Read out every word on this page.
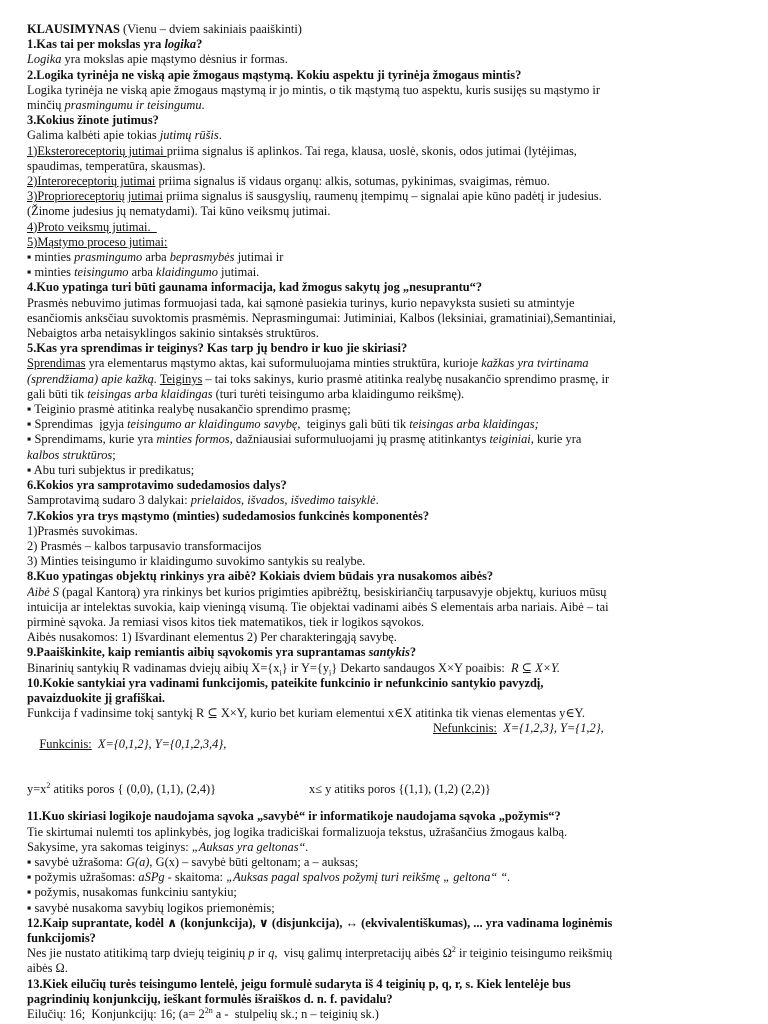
KLAUSIMYNAS (Vienu – dviem sakiniais paaiškinti)
1.Kas tai per mokslas yra logika?
Logika yra mokslas apie mąstymo dėsnius ir formas.
2.Logika tyrinėja ne viską apie žmogaus mąstymą. Kokiu aspektu ji tyrinėja žmogaus mintis?
Logika tyrinėja ne viską apie žmogaus mąstymą ir jo mintis, o tik mąstymą tuo aspektu, kuris susijęs su mąstymo ir
minčių prasmingumu ir teisingumu.
3.Kokius žinote jutimus?
Galima kalbėti apie tokias jutimų rūšis.
1)Eksteroreceptorių jutimai priima signalus iš aplinkos. Tai rega, klausa, uoslė, skonis, odos jutimai (lytėjimas,
spaudimas, temperatūra, skausmas).
2)Interoreceptorių jutimai priima signalus iš vidaus organų: alkis, sotumas, pykinimas, svaigimas, rėmuo.
3)Proprioreceptorių jutimai priima signalus iš sausgyslių, raumenų įtempimų – signalai apie kūno padėtį ir judesius.
(Žinome judesius jų nematydami). Tai kūno veiksmų jutimai.
4)Proto veiksmų jutimai.
5)Mąstymo proceso jutimai:
▪ minties prasmingumo arba beprasmybės jutimai ir
▪ minties teisingumo arba klaidingumo jutimai.
4.Kuo ypatinga turi būti gaunama informacija, kad žmogus sakytų jog „nesuprantu“?
Prasmės nebuvimo jutimas formuojasi tada, kai sąmonė pasiekia turinys, kurio nepavyksta susieti su atmintyje
esančiomis anksčiau suvoktomis prasmėmis. Neprasmingumai: Jutiminiai, Kalbos (leksiniai, gramatiniai),Semantiniai,
Nebaigtos arba netaisyklingos sakinio sintaksės struktūros.
5.Kas yra sprendimas ir teiginys? Kas tarp jų bendro ir kuo jie skiriasi?
Sprendimas yra elementarus mąstymo aktas, kai suformuluojama minties struktūra, kurioje kažkas yra tvirtinama
(sprendžiama) apie kažką. Teiginys – tai toks sakinys, kurio prasmė atitinka realybę nusakančio sprendimo prasmę, ir
gali būti tik teisingas arba klaidingas (turi turėti teisingumo arba klaidingumo reikšmę).
▪ Teiginio prasmė atitinka realybę nusakančio sprendimo prasmę;
▪ Sprendimas  įgyja teisingumo ar klaidingumo savybę,  teiginys gali būti tik teisingas arba klaidingas;
▪ Sprendimams, kurie yra minties formos, dažniausiai suformuluojami jų prasmę atitinkantys teiginiai, kurie yra
kalbos struktūros;
▪ Abu turi subjektus ir predikatus;
6.Kokios yra samprotavimo sudedamosios dalys?
Samprotavimą sudaro 3 dalykai: prielaidos, išvados, išvedimo taisyklė.
7.Kokios yra trys mąstymo (minties) sudedamosios funkcinės komponentės?
1)Prasmės suvokimas.
2) Prasmės – kalbos tarpusavio transformacijos
3) Minties teisingumo ir klaidingumo suvokimo santykis su realybe.
8.Kuo ypatingas objektų rinkinys yra aibė? Kokiais dviem būdais yra nusakomos aibės?
Aibė S (pagal Kantorą) yra rinkinys bet kurios prigimties apibrėžtų, besiskiriančių tarpusavyje objektų, kuriuos mūsų
intuicija ar intelektas suvokia, kaip vieningą visumą. Tie objektai vadinami aibės S elementais arba nariais. Aibė – tai
pirminė sąvoka. Ja remiasi visos kitos tiek matematikos, tiek ir logikos sąvokos.
Aibės nusakomos: 1) Išvardinant elementus 2) Per charakteringąją savybę.
9.Paaiškinkite, kaip remiantis aibių sąvokomis yra suprantamas santykis?
Binarinių santykių R vadinamas dviejų aibių $X=\{x_i\}$ ir $Y=\{y_i\}$ Dekarto sandaugos X×Y poaibis:  R ⊆ X×Y.
10.Kokie santykiai yra vadinami funkcijomis, pateikite funkcinio ir nefunkcinio santykio pavyzdį,
pavaizduokite jį grafiškai.
Funkcija f vadinsime tokį santykį R ⊆ X×Y, kurio bet kuriam elementui x∈X atitinka tik vienas elementas y∈Y.

Funkcinis:  X={0,1,2}, Y={0,1,2,3,4},

Nefunkcinis:  X={1,2,3}, Y={1,2},

$y=x^2$ atitiks poros { (0,0), (1,1), (2,4)}	x≤ y atitiks poros {(1,1), (1,2) (2,2)}
11.Kuo skiriasi logikoje naudojama sąvoka „savybė“ ir informatikoje naudojama sąvoka „požymis“?
Tie skirtumai nulemti tos aplinkybės, jog logika tradiciškai formalizuoja tekstus, užrašančius žmogaus kalbą.
Sakysime, yra sakomas teiginys: „Auksas yra geltonas“.
▪ savybė užrašoma: G(a), G(x) – savybė būti geltonam; a – auksas;
▪ požymis užrašomas: aSPg - skaitoma: „Auksas pagal spalvos požymį turi reikšmę „ geltona“ “.
▪ požymis, nusakomas funkciniu santykiu;
▪ savybė nusakoma savybių logikos priemonėmis;
12.Kaip suprantate, kodėl ∧ (konjunkcija), ∨ (disjunkcija), ↔ (ekvivalentiškumas), ... yra vadinama loginėmis
funkcijomis?
Nes jie nustato atitikimą tarp dviejų teiginių p ir q,  visų galimų interpretacijų aibės $\Omega^2$ ir teiginio teisingumo reikšmių
aibės Ω.
13.Kiek eilučių turės teisingumo lentelė, jeigu formulė sudaryta iš 4 teiginių p, q, r, s. Kiek lentelėje bus
pagrindinių konjunkcijų, ieškant formulės išraiškos d. n. f. pavidalu?
Eilučių: 16;  Konjunkcijų: 16; ($a= 2^{2n}$ a -  stulpelių sk.; n – teiginių sk.)
